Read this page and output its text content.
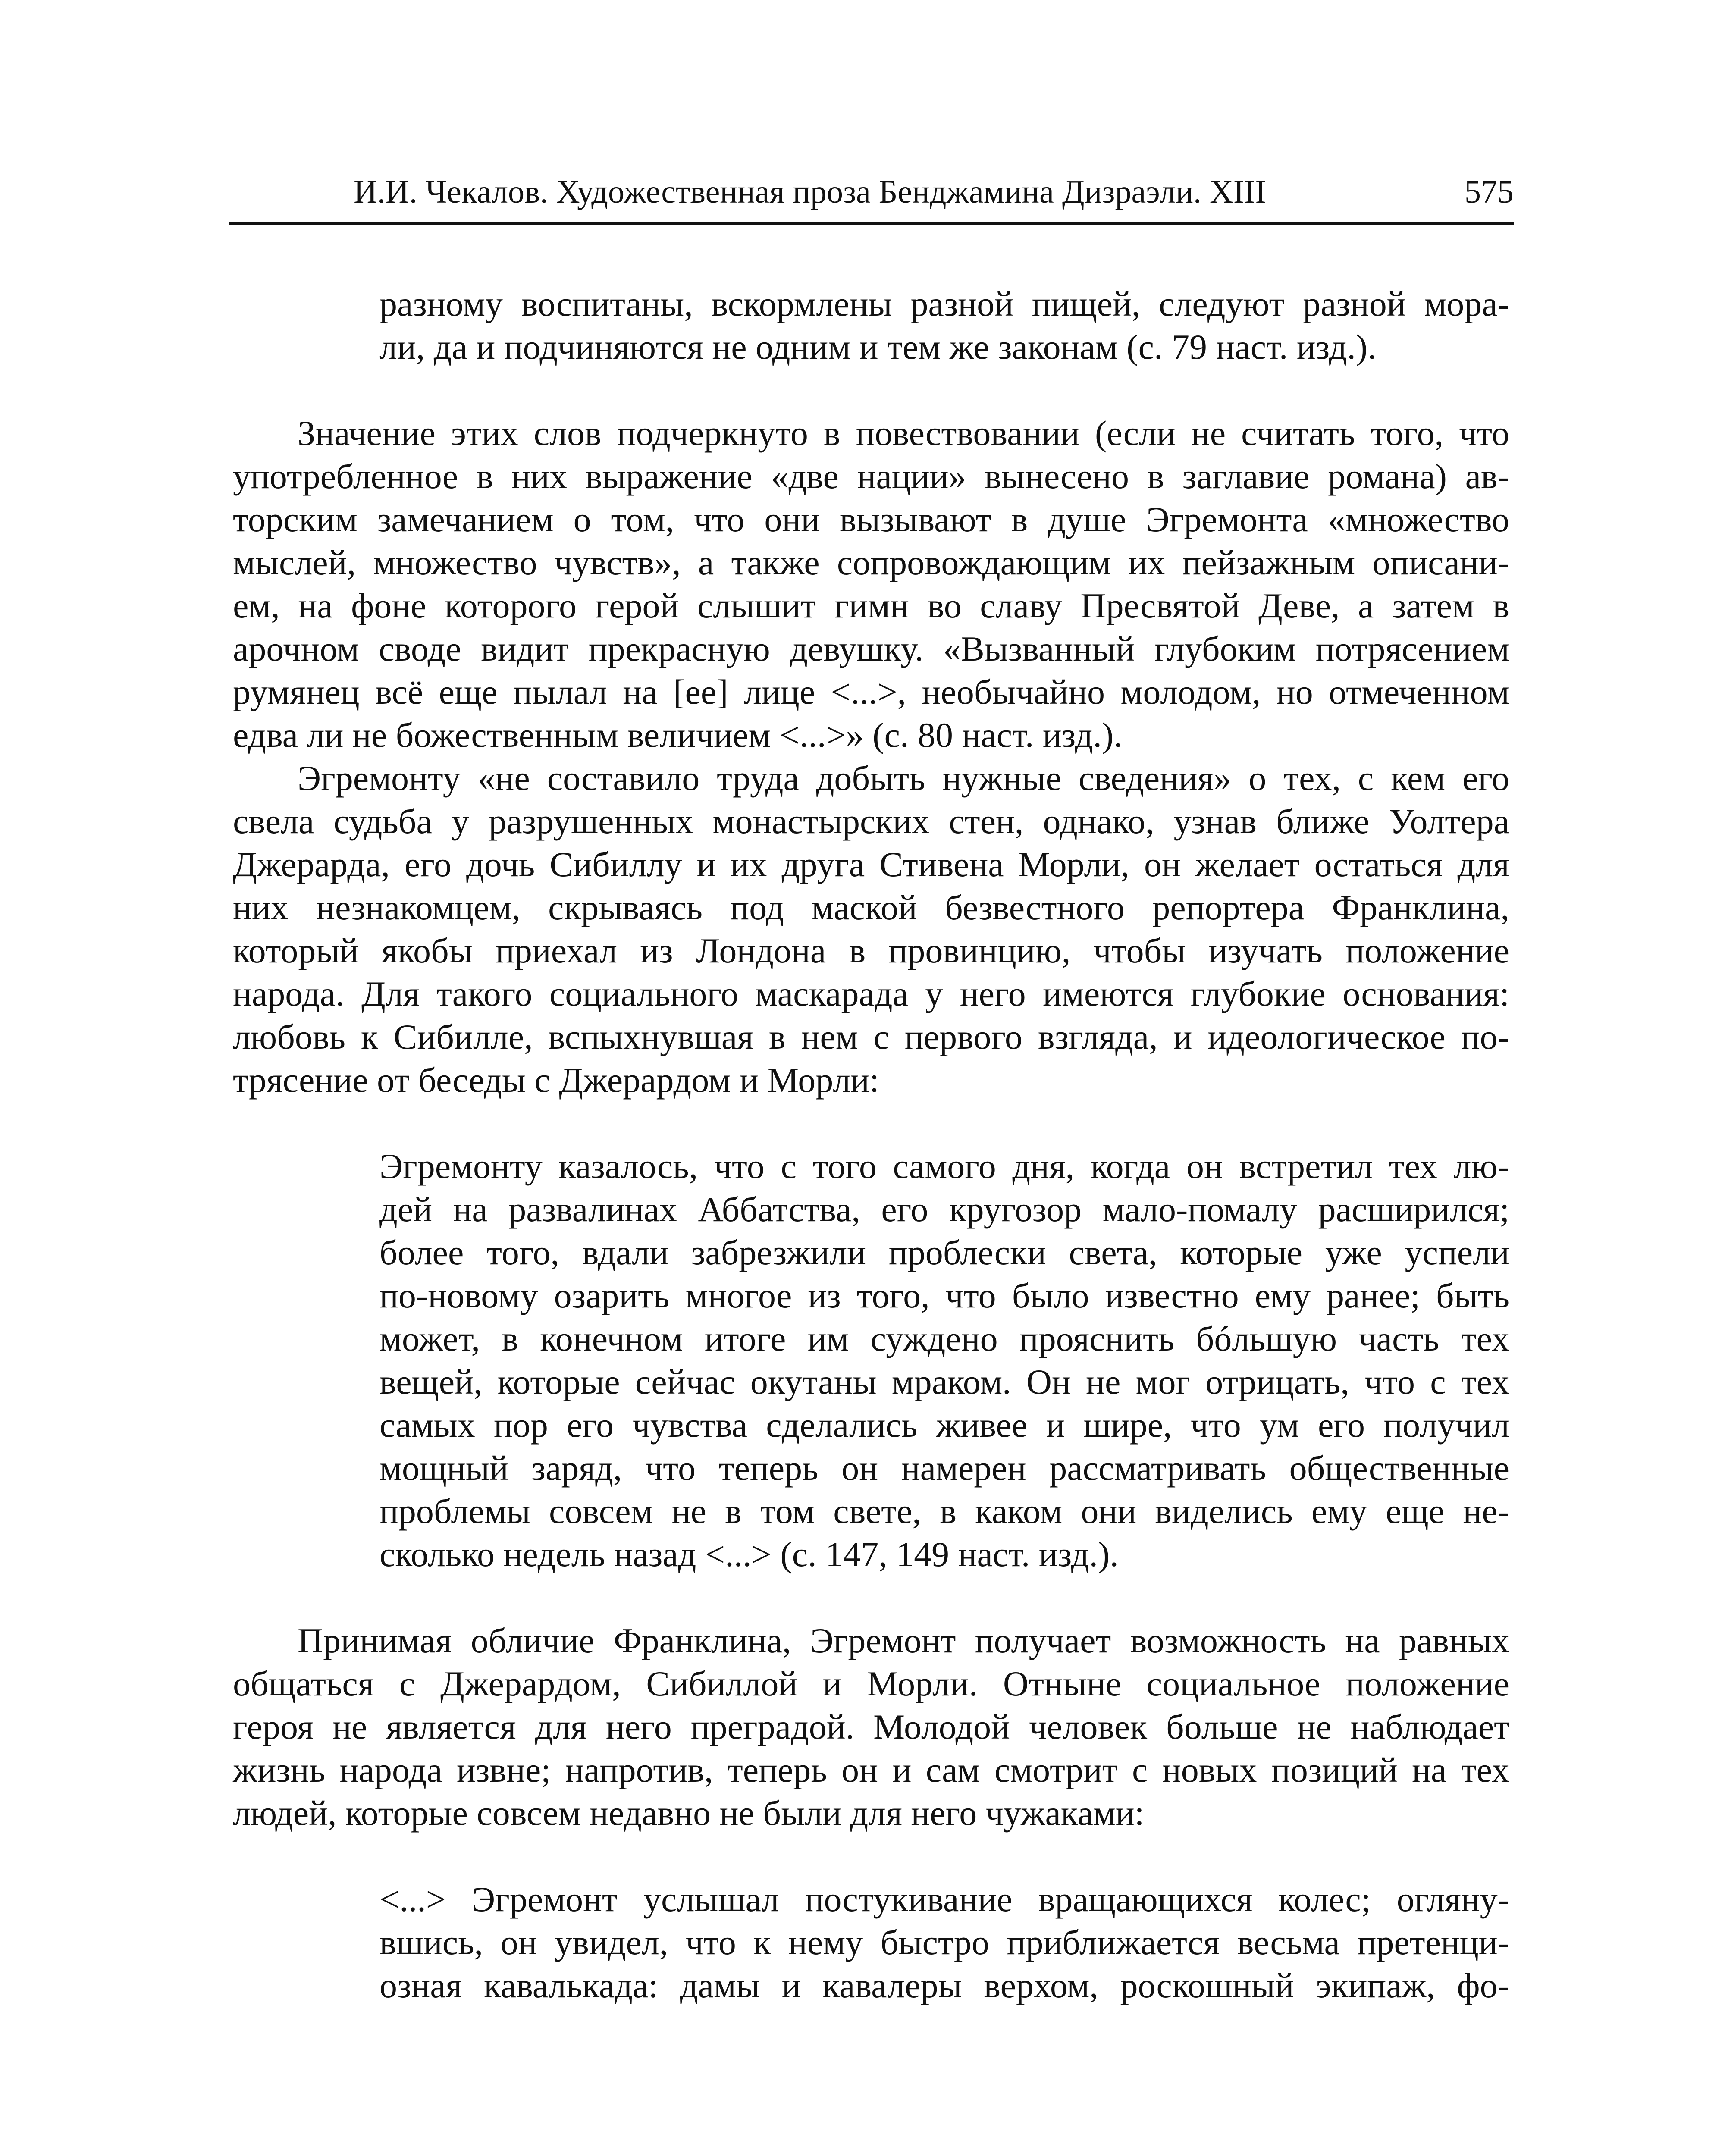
И.И. Чекалов. Художественная проза Бенджамина Дизраэли. XIII	575
разному воспитаны, вскормлены разной пищей, следуют разной мора-
ли, да и подчиняются не одним и тем же законам (с. 79 наст. изд.).
Значение этих слов подчеркнуто в повествовании (если не считать того, что
употребленное в них выражение «две нации» вынесено в заглавие романа) ав-
торским замечанием о том, что они вызывают в душе Эгремонта «множество
мыслей, множество чувств», а также сопровождающим их пейзажным описани-
ем, на фоне которого герой слышит гимн во славу Пресвятой Деве, а затем в
арочном своде видит прекрасную девушку. «Вызванный глубоким потрясением
румянец всё еще пылал на [ее] лице <...>, необычайно молодом, но отмеченном
едва ли не божественным величием <...>» (с. 80 наст. изд.).
Эгремонту «не составило труда добыть нужные сведения» о тех, с кем его
свела судьба у разрушенных монастырских стен, однако, узнав ближе Уолтера
Джерарда, его дочь Сибиллу и их друга Стивена Морли, он желает остаться для
них незнакомцем, скрываясь под маской безвестного репортера Франклина,
который якобы приехал из Лондона в провинцию, чтобы изучать положение
народа. Для такого социального маскарада у него имеются глубокие основания:
любовь к Сибилле, вспыхнувшая в нем с первого взгляда, и идеологическое по-
трясение от беседы с Джерардом и Морли:
Эгремонту казалось, что с того самого дня, когда он встретил тех лю-
дей на развалинах Аббатства, его кругозор мало-помалу расширился;
более того, вдали забрезжили проблески света, которые уже успели
по-новому озарить многое из того, что было известно ему ранее; быть
может, в конечном итоге им суждено прояснить бóльшую часть тех
вещей, которые сейчас окутаны мраком. Он не мог отрицать, что с тех
самых пор его чувства сделались живее и шире, что ум его получил
мощный заряд, что теперь он намерен рассматривать общественные
проблемы совсем не в том свете, в каком они виделись ему еще не-
сколько недель назад <...> (с. 147, 149 наст. изд.).
Принимая обличие Франклина, Эгремонт получает возможность на равных
общаться с Джерардом, Сибиллой и Морли. Отныне социальное положение
героя не является для него преградой. Молодой человек больше не наблюдает
жизнь народа извне; напротив, теперь он и сам смотрит с новых позиций на тех
людей, которые совсем недавно не были для него чужаками:
<...> Эгремонт услышал постукивание вращающихся колес; огляну-
вшись, он увидел, что к нему быстро приближается весьма претенци-
озная кавалькада: дамы и кавалеры верхом, роскошный экипаж, фо-
